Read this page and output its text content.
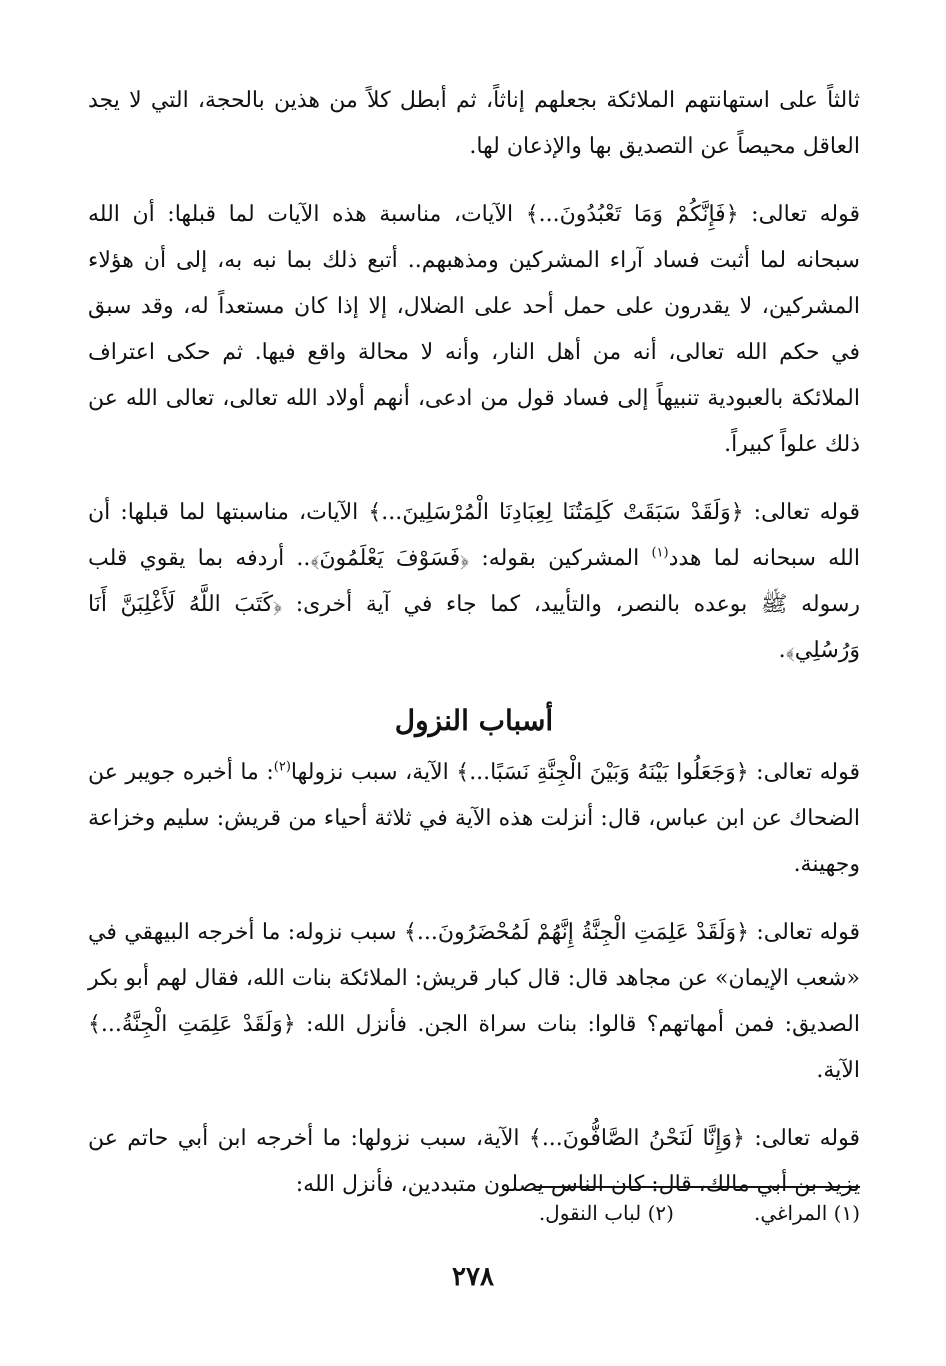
ثالثاً على استهانتهم الملائكة بجعلهم إناثاً، ثم أبطل كلاً من هذين بالحجة، التي لا يجد العاقل محيصاً عن التصديق بها والإذعان لها.

قوله تعالى: ﴿فَإِنَّكُمْ وَمَا تَعْبُدُونَ...﴾ الآيات، مناسبة هذه الآيات لما قبلها: أن الله سبحانه لما أثبت فساد آراء المشركين ومذهبهم.. أتبع ذلك بما نبه به، إلى أن هؤلاء المشركين، لا يقدرون على حمل أحد على الضلال، إلا إذا كان مستعداً له، وقد سبق في حكم الله تعالى، أنه من أهل النار، وأنه لا محالة واقع فيها. ثم حكى اعتراف الملائكة بالعبودية تنبيهاً إلى فساد قول من ادعى، أنهم أولاد الله تعالى، تعالى الله عن ذلك علواً كبيراً.

قوله تعالى: ﴿وَلَقَدْ سَبَقَتْ كَلِمَتُنَا لِعِبَادِنَا الْمُرْسَلِينَ...﴾ الآيات، مناسبتها لما قبلها: أن الله سبحانه لما هدد$^{(١)}$ المشركين بقوله: ﴿فَسَوْفَ يَعْلَمُونَ﴾.. أردفه بما يقوي قلب رسوله ﷺ بوعده بالنصر، والتأييد، كما جاء في آية أخرى: ﴿كَتَبَ اللَّهُ لَأَغْلِبَنَّ أَنَا وَرُسُلِي﴾.

أسباب النزول

قوله تعالى: ﴿وَجَعَلُوا بَيْنَهُ وَبَيْنَ الْجِنَّةِ نَسَبًا...﴾ الآية، سبب نزولها$^{(٢)}$: ما أخبره جويبر عن الضحاك عن ابن عباس، قال: أنزلت هذه الآية في ثلاثة أحياء من قريش: سليم وخزاعة وجهينة.

قوله تعالى: ﴿وَلَقَدْ عَلِمَتِ الْجِنَّةُ إِنَّهُمْ لَمُحْضَرُونَ...﴾ سبب نزوله: ما أخرجه البيهقي في «شعب الإيمان» عن مجاهد قال: قال كبار قريش: الملائكة بنات الله، فقال لهم أبو بكر الصديق: فمن أمهاتهم؟ قالوا: بنات سراة الجن. فأنزل الله: ﴿وَلَقَدْ عَلِمَتِ الْجِنَّةُ...﴾ الآية.

قوله تعالى: ﴿وَإِنَّا لَنَحْنُ الصَّافُّونَ...﴾ الآية، سبب نزولها: ما أخرجه ابن أبي حاتم عن يزيد بن أبي مالك، قال: كان الناس يصلون متبددين، فأنزل الله:

(١) المراغي.
(٢) لباب النقول.
٢٧٨
